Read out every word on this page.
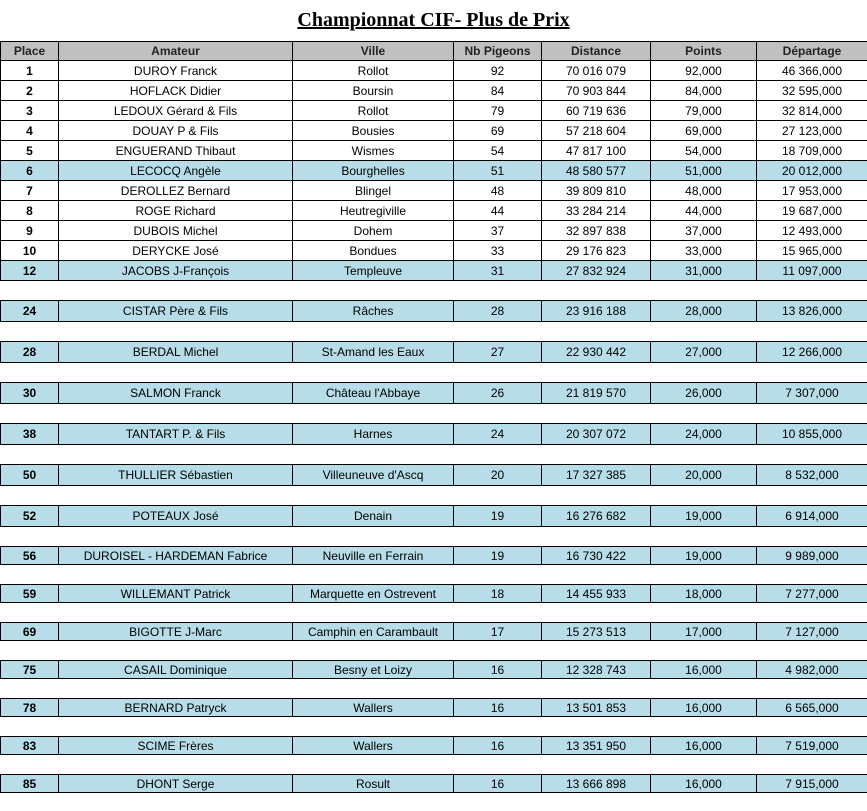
Championnat CIF- Plus de Prix
Place	Amateur	Ville	Nb Pigeons	Distance	Points	Départage
1	DUROY Franck	Rollot	92	70 016 079	92,000	46 366,000
2	HOFLACK Didier	Boursin	84	70 903 844	84,000	32 595,000
3	LEDOUX Gérard & Fils	Rollot	79	60 719 636	79,000	32 814,000
4	DOUAY P & Fils	Bousies	69	57 218 604	69,000	27 123,000
5	ENGUERAND Thibaut	Wismes	54	47 817 100	54,000	18 709,000
6	LECOCQ Angèle	Bourghelles	51	48 580 577	51,000	20 012,000
7	DEROLLEZ Bernard	Blingel	48	39 809 810	48,000	17 953,000
8	ROGE Richard	Heutregiville	44	33 284 214	44,000	19 687,000
9	DUBOIS Michel	Dohem	37	32 897 838	37,000	12 493,000
10	DERYCKE José	Bondues	33	29 176 823	33,000	15 965,000
12	JACOBS J-François	Templeuve	31	27 832 924	31,000	11 097,000

24	CISTAR Père & Fils	Râches	28	23 916 188	28,000	13 826,000

28	BERDAL Michel	St-Amand les Eaux	27	22 930 442	27,000	12 266,000

30	SALMON Franck	Château l'Abbaye	26	21 819 570	26,000	7 307,000

38	TANTART P. & Fils	Harnes	24	20 307 072	24,000	10 855,000

50	THULLIER Sébastien	Villeuneuve d'Ascq	20	17 327 385	20,000	8 532,000

52	POTEAUX José	Denain	19	16 276 682	19,000	6 914,000

56	DUROISEL - HARDEMAN Fabrice	Neuville en Ferrain	19	16 730 422	19,000	9 989,000

59	WILLEMANT Patrick	Marquette en Ostrevent	18	14 455 933	18,000	7 277,000

69	BIGOTTE J-Marc	Camphin en Carambault	17	15 273 513	17,000	7 127,000

75	CASAIL Dominique	Besny et Loizy	16	12 328 743	16,000	4 982,000

78	BERNARD Patryck	Wallers	16	13 501 853	16,000	6 565,000

83	SCIME Frères	Wallers	16	13 351 950	16,000	7 519,000

85	DHONT Serge	Rosult	16	13 666 898	16,000	7 915,000
